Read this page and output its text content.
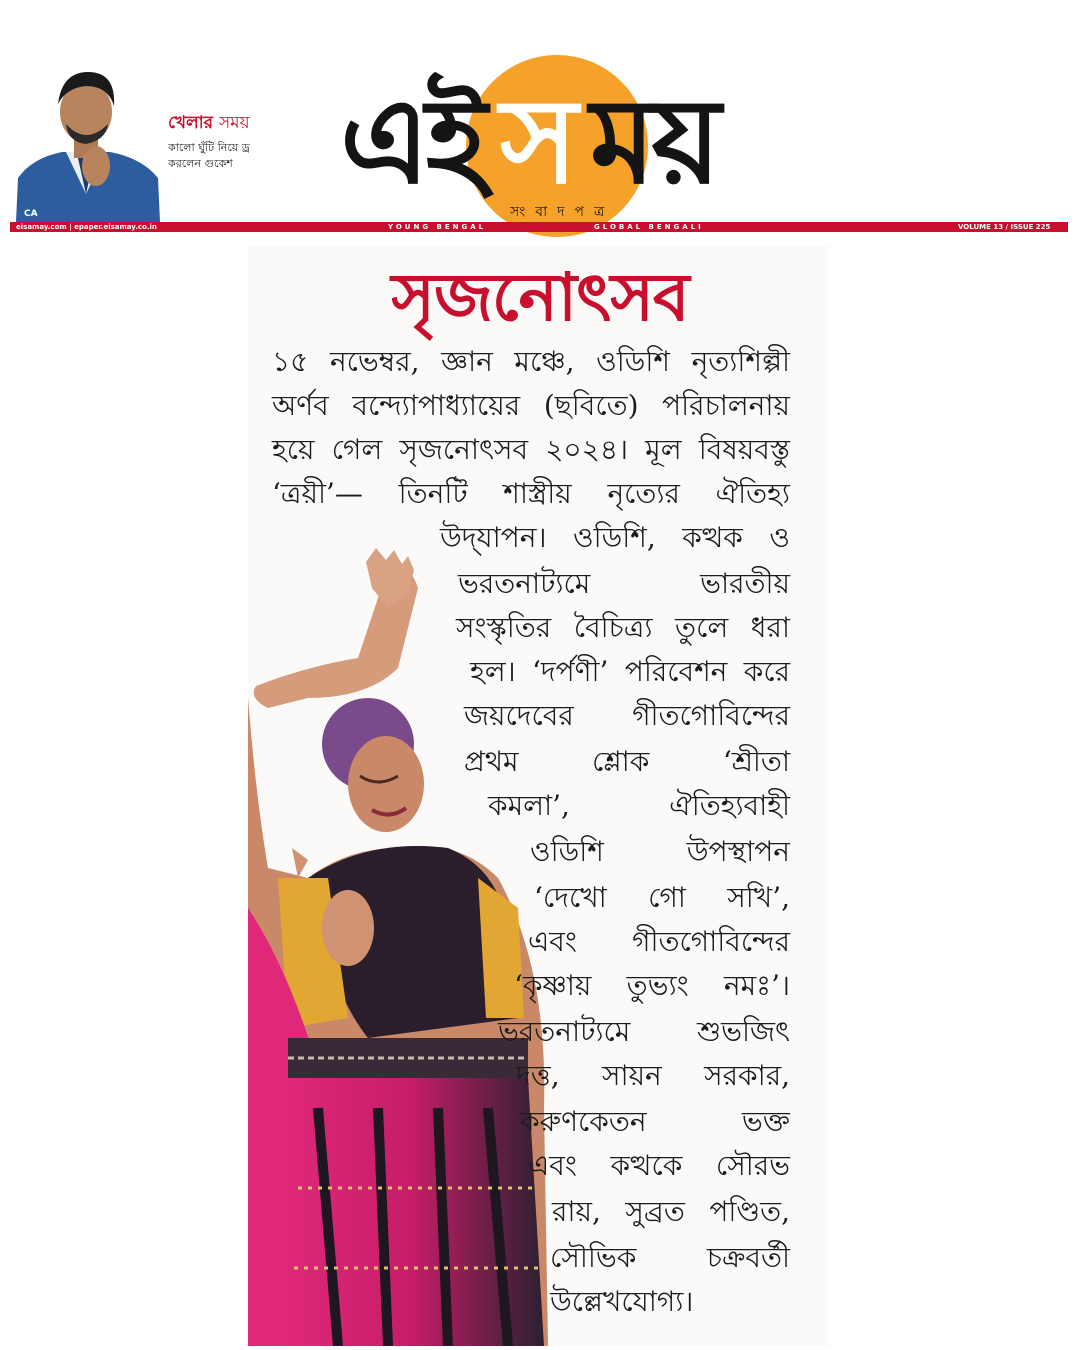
CA
খেলার সময়
কালো ঘুঁটি নিয়ে ড্র করলেন গুকেশ এই স ময়
সংবাদপত্র
eisamay.com | epaper.eisamay.co.in	YOUNG BENGAL	GLOBAL BENGALI	VOLUME 13 / ISSUE 225
সৃজনোৎসব
১৫ নভেম্বর, জ্ঞান মঞ্চে, ওডিশি নৃত্যশিল্পী
অর্ণব বন্দ্যোপাধ্যায়ের (ছবিতে) পরিচালনায়
হয়ে গেল সৃজনোৎসব ২০২৪। মূল বিষয়বস্তু
‘ত্রয়ী’— তিনটি শাস্ত্রীয় নৃত্যের ঐতিহ্য
উদ্‌যাপন। ওডিশি, কত্থক ও
ভরতনাট্যমে ভারতীয়
সংস্কৃতির বৈচিত্র্য তুলে ধরা
হল। ‘দর্পণী’ পরিবেশন করে
জয়দেবের গীতগোবিন্দের
প্রথম শ্লোক ‘শ্রীতা
কমলা’, ঐতিহ্যবাহী
ওডিশি উপস্থাপন
‘দেখো গো সখি’,
এবং গীতগোবিন্দের
‘কৃষ্ণায় তুভ্যং নমঃ’।
ভরতনাট্যমে শুভজিৎ
দত্ত, সায়ন সরকার,
করুণকেতন ভক্ত
এবং কত্থকে সৌরভ
রায়, সুব্রত পণ্ডিত,
সৌভিক চক্রবর্তী
উল্লেখযোগ্য।
